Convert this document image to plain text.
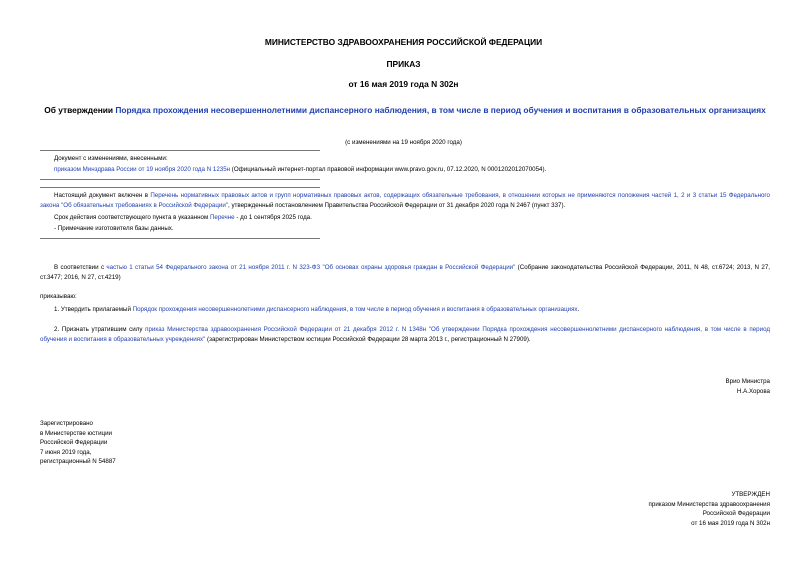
МИНИСТЕРСТВО ЗДРАВООХРАНЕНИЯ РОССИЙСКОЙ ФЕДЕРАЦИИ
ПРИКАЗ
от 16 мая 2019 года N 302н
Об утверждении Порядка прохождения несовершеннолетними диспансерного наблюдения, в том числе в период обучения и воспитания в образовательных организациях
(с изменениями на 19 ноября 2020 года)
Документ с изменениями, внесенными:
приказом Минздрава России от 19 ноября 2020 года N 1235н (Официальный интернет-портал правовой информации www.pravo.gov.ru, 07.12.2020, N 0001202012070054).
Настоящий документ включен в Перечень нормативных правовых актов и групп нормативных правовых актов, содержащих обязательные требования, в отношении которых не применяются положения частей 1, 2 и 3 статьи 15 Федерального закона "Об обязательных требованиях в Российской Федерации", утвержденный постановлением Правительства Российской Федерации от 31 декабря 2020 года N 2467 (пункт 337).
Срок действия соответствующего пункта в указанном Перечне - до 1 сентября 2025 года.
- Примечание изготовителя базы данных.
В соответствии с частью 1 статьи 54 Федерального закона от 21 ноября 2011 г. N 323-ФЗ "Об основах охраны здоровья граждан в Российской Федерации" (Собрание законодательства Российской Федерации, 2011, N 48, ст.6724; 2013, N 27, ст.3477; 2016, N 27, ст.4219)
приказываю:
1. Утвердить прилагаемый Порядок прохождения несовершеннолетними диспансерного наблюдения, в том числе в период обучения и воспитания в образовательных организациях.
2. Признать утратившим силу приказ Министерства здравоохранения Российской Федерации от 21 декабря 2012 г. N 1348н "Об утверждении Порядка прохождения несовершеннолетними диспансерного наблюдения, в том числе в период обучения и воспитания в образовательных учреждениях" (зарегистрирован Министерством юстиции Российской Федерации 28 марта 2013 г., регистрационный N 27909).
Врио Министра
Н.А.Хорова
Зарегистрировано
в Министерстве юстиции
Российской Федерации
7 июня 2019 года,
регистрационный N 54887
УТВЕРЖДЕН
приказом Министерства здравоохранения
Российской Федерации
от 16 мая 2019 года N 302н
